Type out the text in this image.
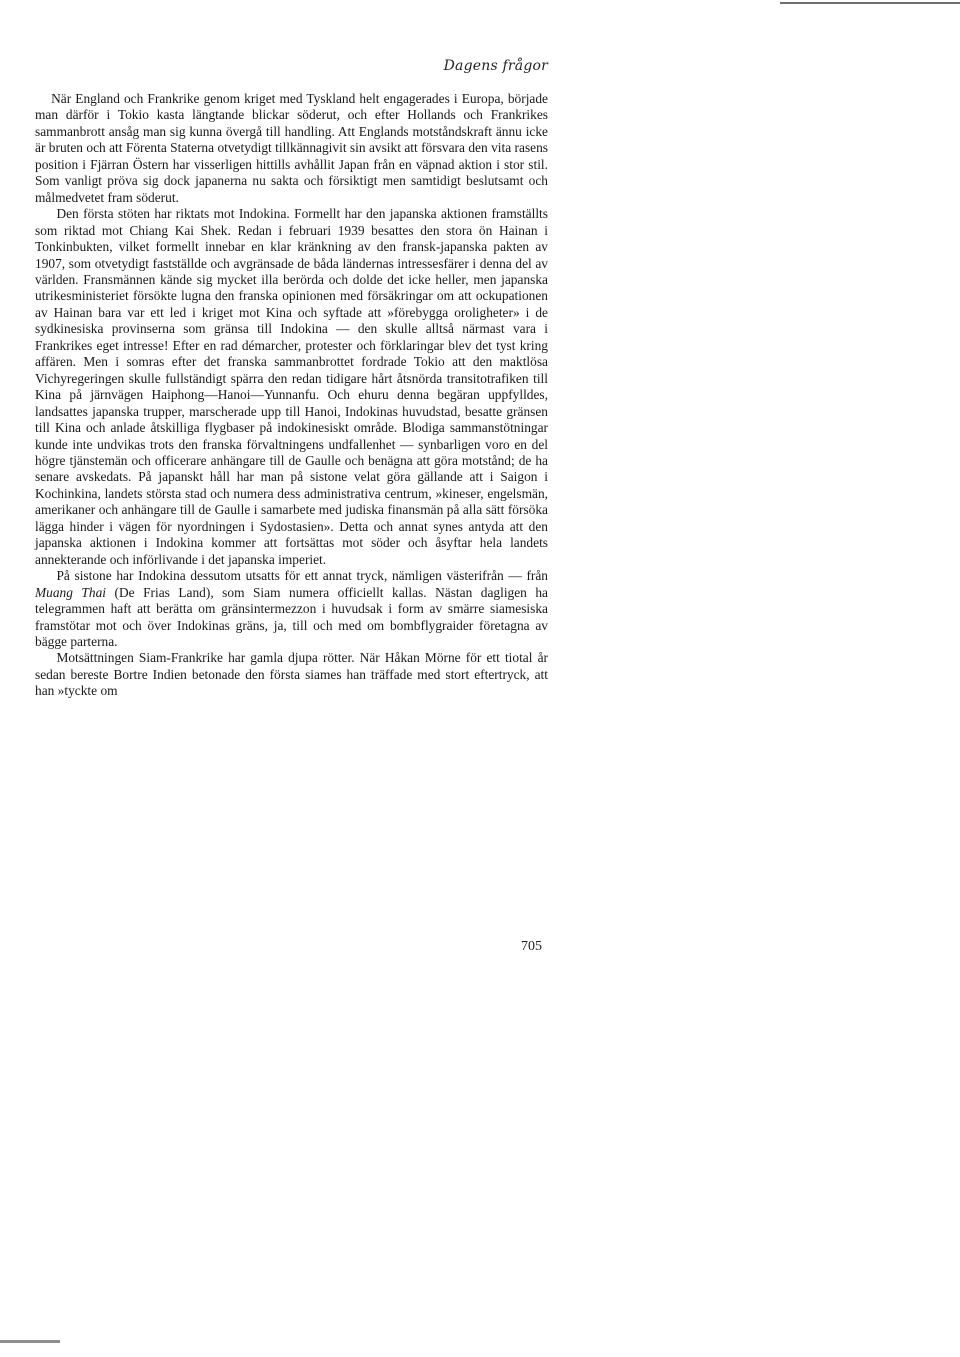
Dagens frågor

När England och Frankrike genom kriget med Tyskland helt engagerades i Europa, började man därför i Tokio kasta längtande blickar söderut, och efter Hollands och Frankrikes sammanbrott ansåg man sig kunna övergå till handling. Att Englands motståndskraft ännu icke är bruten och att Förenta Staterna otvetydigt tillkännagivit sin avsikt att försvara den vita rasens position i Fjärran Östern har visserligen hittills avhållit Japan från en väpnad aktion i stor stil. Som vanligt pröva sig dock japanerna nu sakta och försiktigt men samtidigt beslutsamt och målmedvetet fram söderut.

Den första stöten har riktats mot Indokina. Formellt har den japanska aktionen framställts som riktad mot Chiang Kai Shek. Redan i februari 1939 besattes den stora ön Hainan i Tonkinbukten, vilket formellt innebar en klar kränkning av den fransk-japanska pakten av 1907, som otvetydigt fastställde och avgränsade de båda ländernas intressesfärer i denna del av världen. Fransmännen kände sig mycket illa berörda och dolde det icke heller, men japanska utrikesministeriet försökte lugna den franska opinionen med försäkringar om att ockupationen av Hainan bara var ett led i kriget mot Kina och syftade att »förebygga oroligheter» i de sydkinesiska provinserna som gränsa till Indokina — den skulle alltså närmast vara i Frankrikes eget intresse! Efter en rad démarcher, protester och förklaringar blev det tyst kring affären. Men i somras efter det franska sammanbrottet fordrade Tokio att den maktlösa Vichyregeringen skulle fullständigt spärra den redan tidigare hårt åtsnörda transitotrafiken till Kina på järnvägen Haiphong—Hanoi—Yunnanfu. Och ehuru denna begäran uppfylldes, landsattes japanska trupper, marscherade upp till Hanoi, Indokinas huvudstad, besatte gränsen till Kina och anlade åtskilliga flygbaser på indokinesiskt område. Blodiga sammanstötningar kunde inte undvikas trots den franska förvaltningens undfallenhet — synbarligen voro en del högre tjänstemän och officerare anhängare till de Gaulle och benägna att göra motstånd; de ha senare avskedats. På japanskt håll har man på sistone velat göra gällande att i Saigon i Kochinkina, landets största stad och numera dess administrativa centrum, »kineser, engelsmän, amerikaner och anhängare till de Gaulle i samarbete med judiska finansmän på alla sätt försöka lägga hinder i vägen för nyordningen i Sydostasien». Detta och annat synes antyda att den japanska aktionen i Indokina kommer att fortsättas mot söder och åsyftar hela landets annekterande och införlivande i det japanska imperiet.

På sistone har Indokina dessutom utsatts för ett annat tryck, nämligen västerifrån — från Muang Thai (De Frias Land), som Siam numera officiellt kallas. Nästan dagligen ha telegrammen haft att berätta om gränsintermezzon i huvudsak i form av smärre siamesiska framstötar mot och över Indokinas gräns, ja, till och med om bombflygraider företagna av bägge parterna.

Motsättningen Siam-Frankrike har gamla djupa rötter. När Håkan Mörne för ett tiotal år sedan bereste Bortre Indien betonade den första siames han träffade med stort eftertryck, att han »tyckte om

705
